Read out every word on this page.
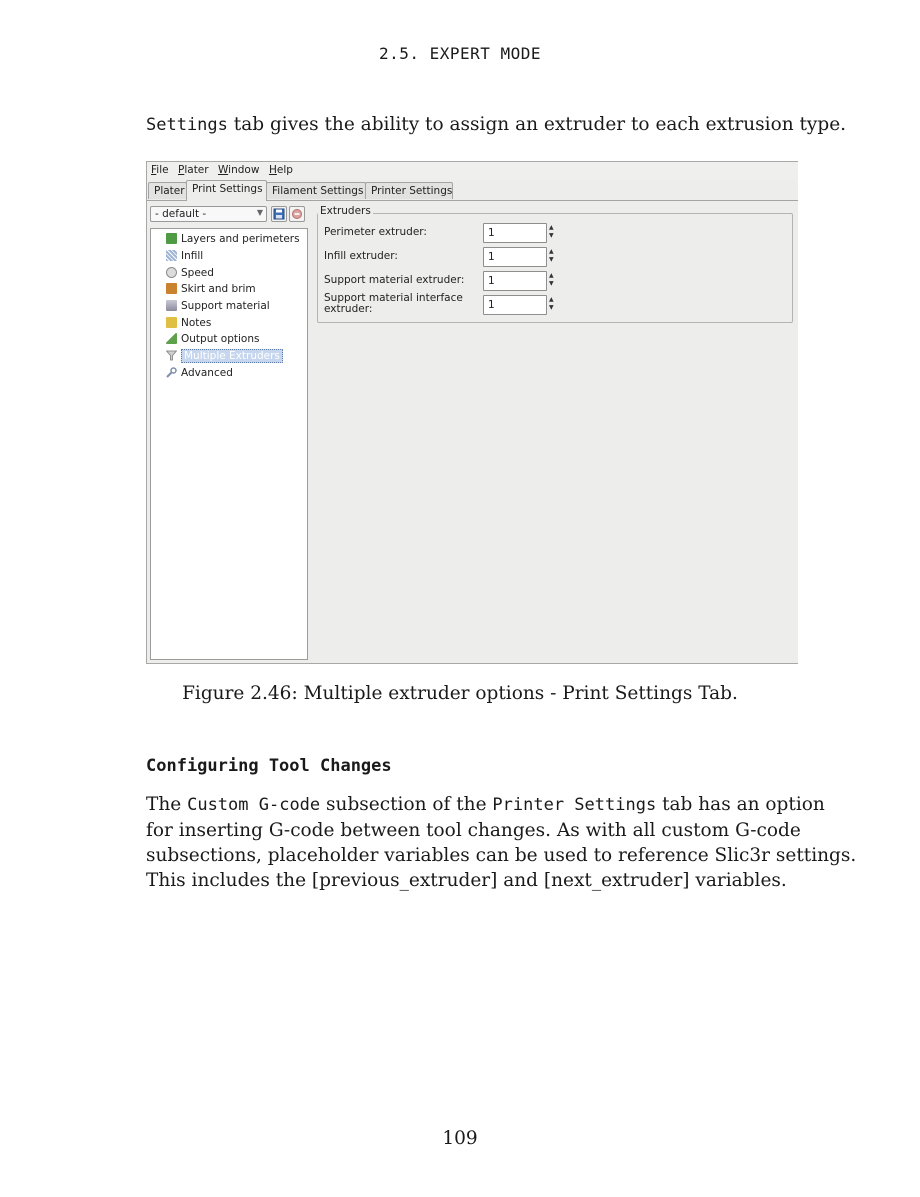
2.5. EXPERT MODE
Settings tab gives the ability to assign an extruder to each extrusion type.
File Plater Window Help
Plater Print Settings Filament Settings Printer Settings
- default -	▼
Layers and perimeters
Infill
Speed
Skirt and brim
Support material
Notes
Output options
Multiple Extruders
Advanced
Extruders
Perimeter extruder:	1	▲
▼
Infill extruder:	1	▲
▼
Support material extruder:	1	▲
▼
Support material interface
extruder:	1	▲
▼
Figure 2.46: Multiple extruder options - Print Settings Tab.
Configuring Tool Changes
The Custom G-code subsection of the Printer Settings tab has an option
for inserting G-code between tool changes. As with all custom G-code
subsections, placeholder variables can be used to reference Slic3r settings.
This includes the [previous_extruder] and [next_extruder] variables.
109
